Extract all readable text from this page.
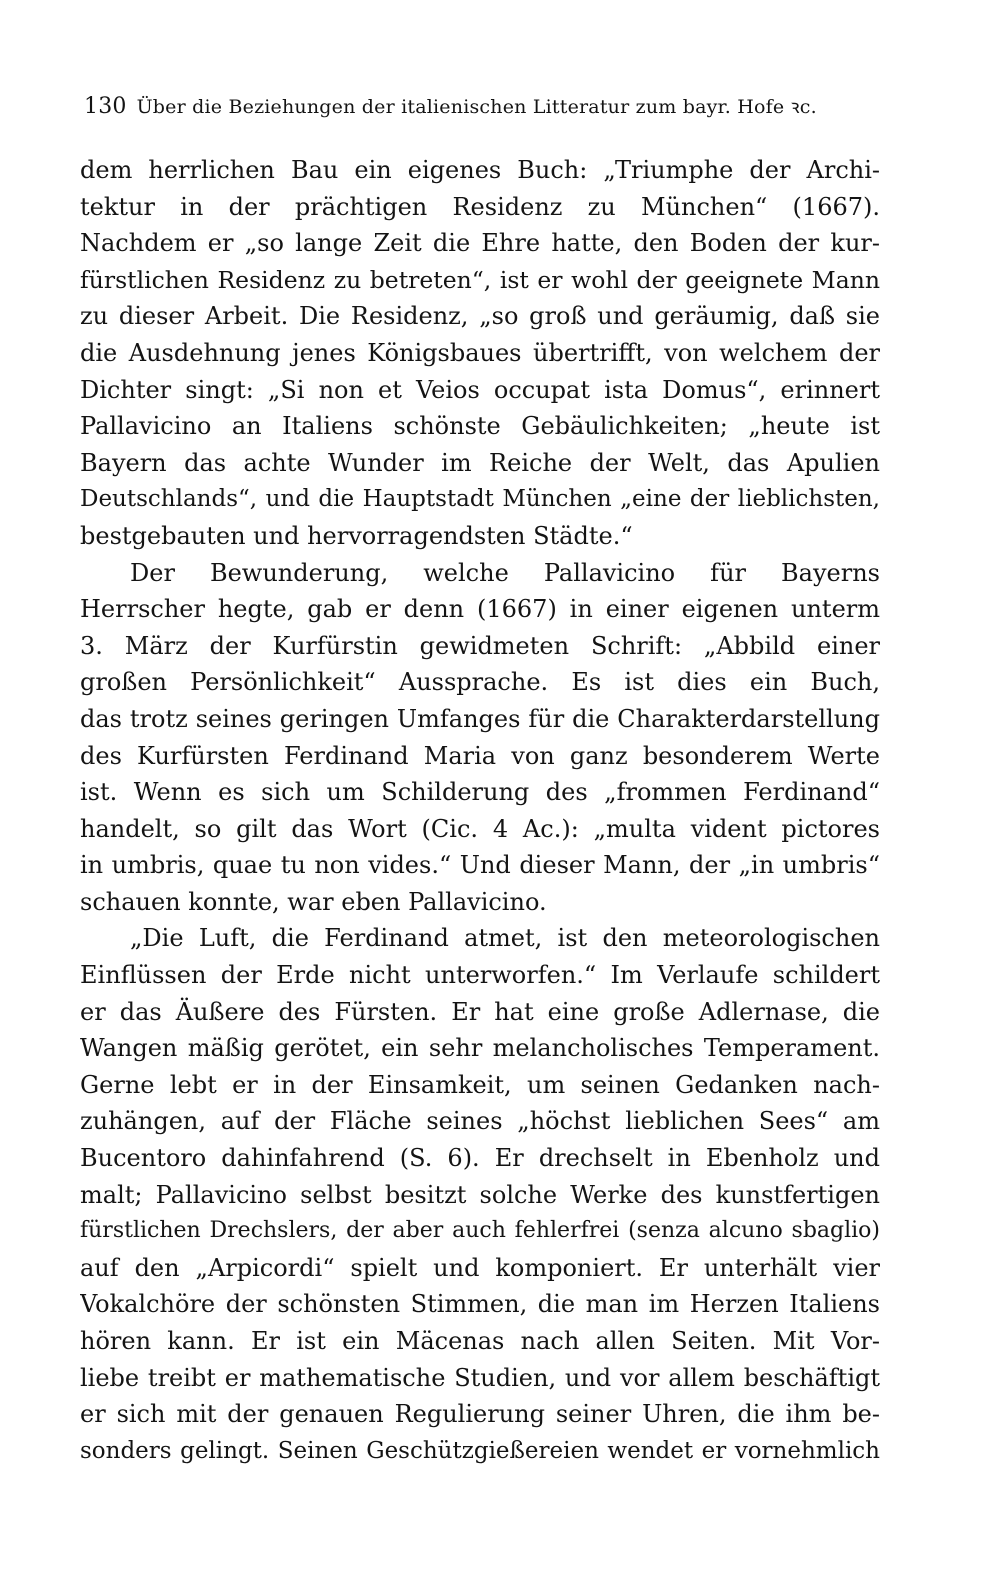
130 Über die Beziehungen der italienischen Litteratur zum bayr. Hofe ꝛc.
dem herrlichen Bau ein eigenes Buch: „Triumphe der Archi-
tektur in der prächtigen Residenz zu München“ (1667).
Nachdem er „so lange Zeit die Ehre hatte, den Boden der kur-
fürstlichen Residenz zu betreten“, ist er wohl der geeignete Mann
zu dieser Arbeit. Die Residenz, „so groß und geräumig, daß sie
die Ausdehnung jenes Königsbaues übertrifft, von welchem der
Dichter singt: „Si non et Veios occupat ista Domus“, erinnert
Pallavicino an Italiens schönste Gebäulichkeiten; „heute ist
Bayern das achte Wunder im Reiche der Welt, das Apulien
Deutschlands“, und die Hauptstadt München „eine der lieblichsten,
bestgebauten und hervorragendsten Städte.“
Der Bewunderung, welche Pallavicino für Bayerns
Herrscher hegte, gab er denn (1667) in einer eigenen unterm
3. März der Kurfürstin gewidmeten Schrift: „Abbild einer
großen Persönlichkeit“ Aussprache. Es ist dies ein Buch,
das trotz seines geringen Umfanges für die Charakterdarstellung
des Kurfürsten Ferdinand Maria von ganz besonderem Werte
ist. Wenn es sich um Schilderung des „frommen Ferdinand“
handelt, so gilt das Wort (Cic. 4 Ac.): „multa vident pictores
in umbris, quae tu non vides.“ Und dieser Mann, der „in umbris“
schauen konnte, war eben Pallavicino.
„Die Luft, die Ferdinand atmet, ist den meteorologischen
Einflüssen der Erde nicht unterworfen.“ Im Verlaufe schildert
er das Äußere des Fürsten. Er hat eine große Adlernase, die
Wangen mäßig gerötet, ein sehr melancholisches Temperament.
Gerne lebt er in der Einsamkeit, um seinen Gedanken nach-
zuhängen, auf der Fläche seines „höchst lieblichen Sees“ am
Bucentoro dahinfahrend (S. 6). Er drechselt in Ebenholz und
malt; Pallavicino selbst besitzt solche Werke des kunstfertigen
fürstlichen Drechslers, der aber auch fehlerfrei (senza alcuno sbaglio)
auf den „Arpicordi“ spielt und komponiert. Er unterhält vier
Vokalchöre der schönsten Stimmen, die man im Herzen Italiens
hören kann. Er ist ein Mäcenas nach allen Seiten. Mit Vor-
liebe treibt er mathematische Studien, und vor allem beschäftigt
er sich mit der genauen Regulierung seiner Uhren, die ihm be-
sonders gelingt. Seinen Geschützgießereien wendet er vornehmlich
